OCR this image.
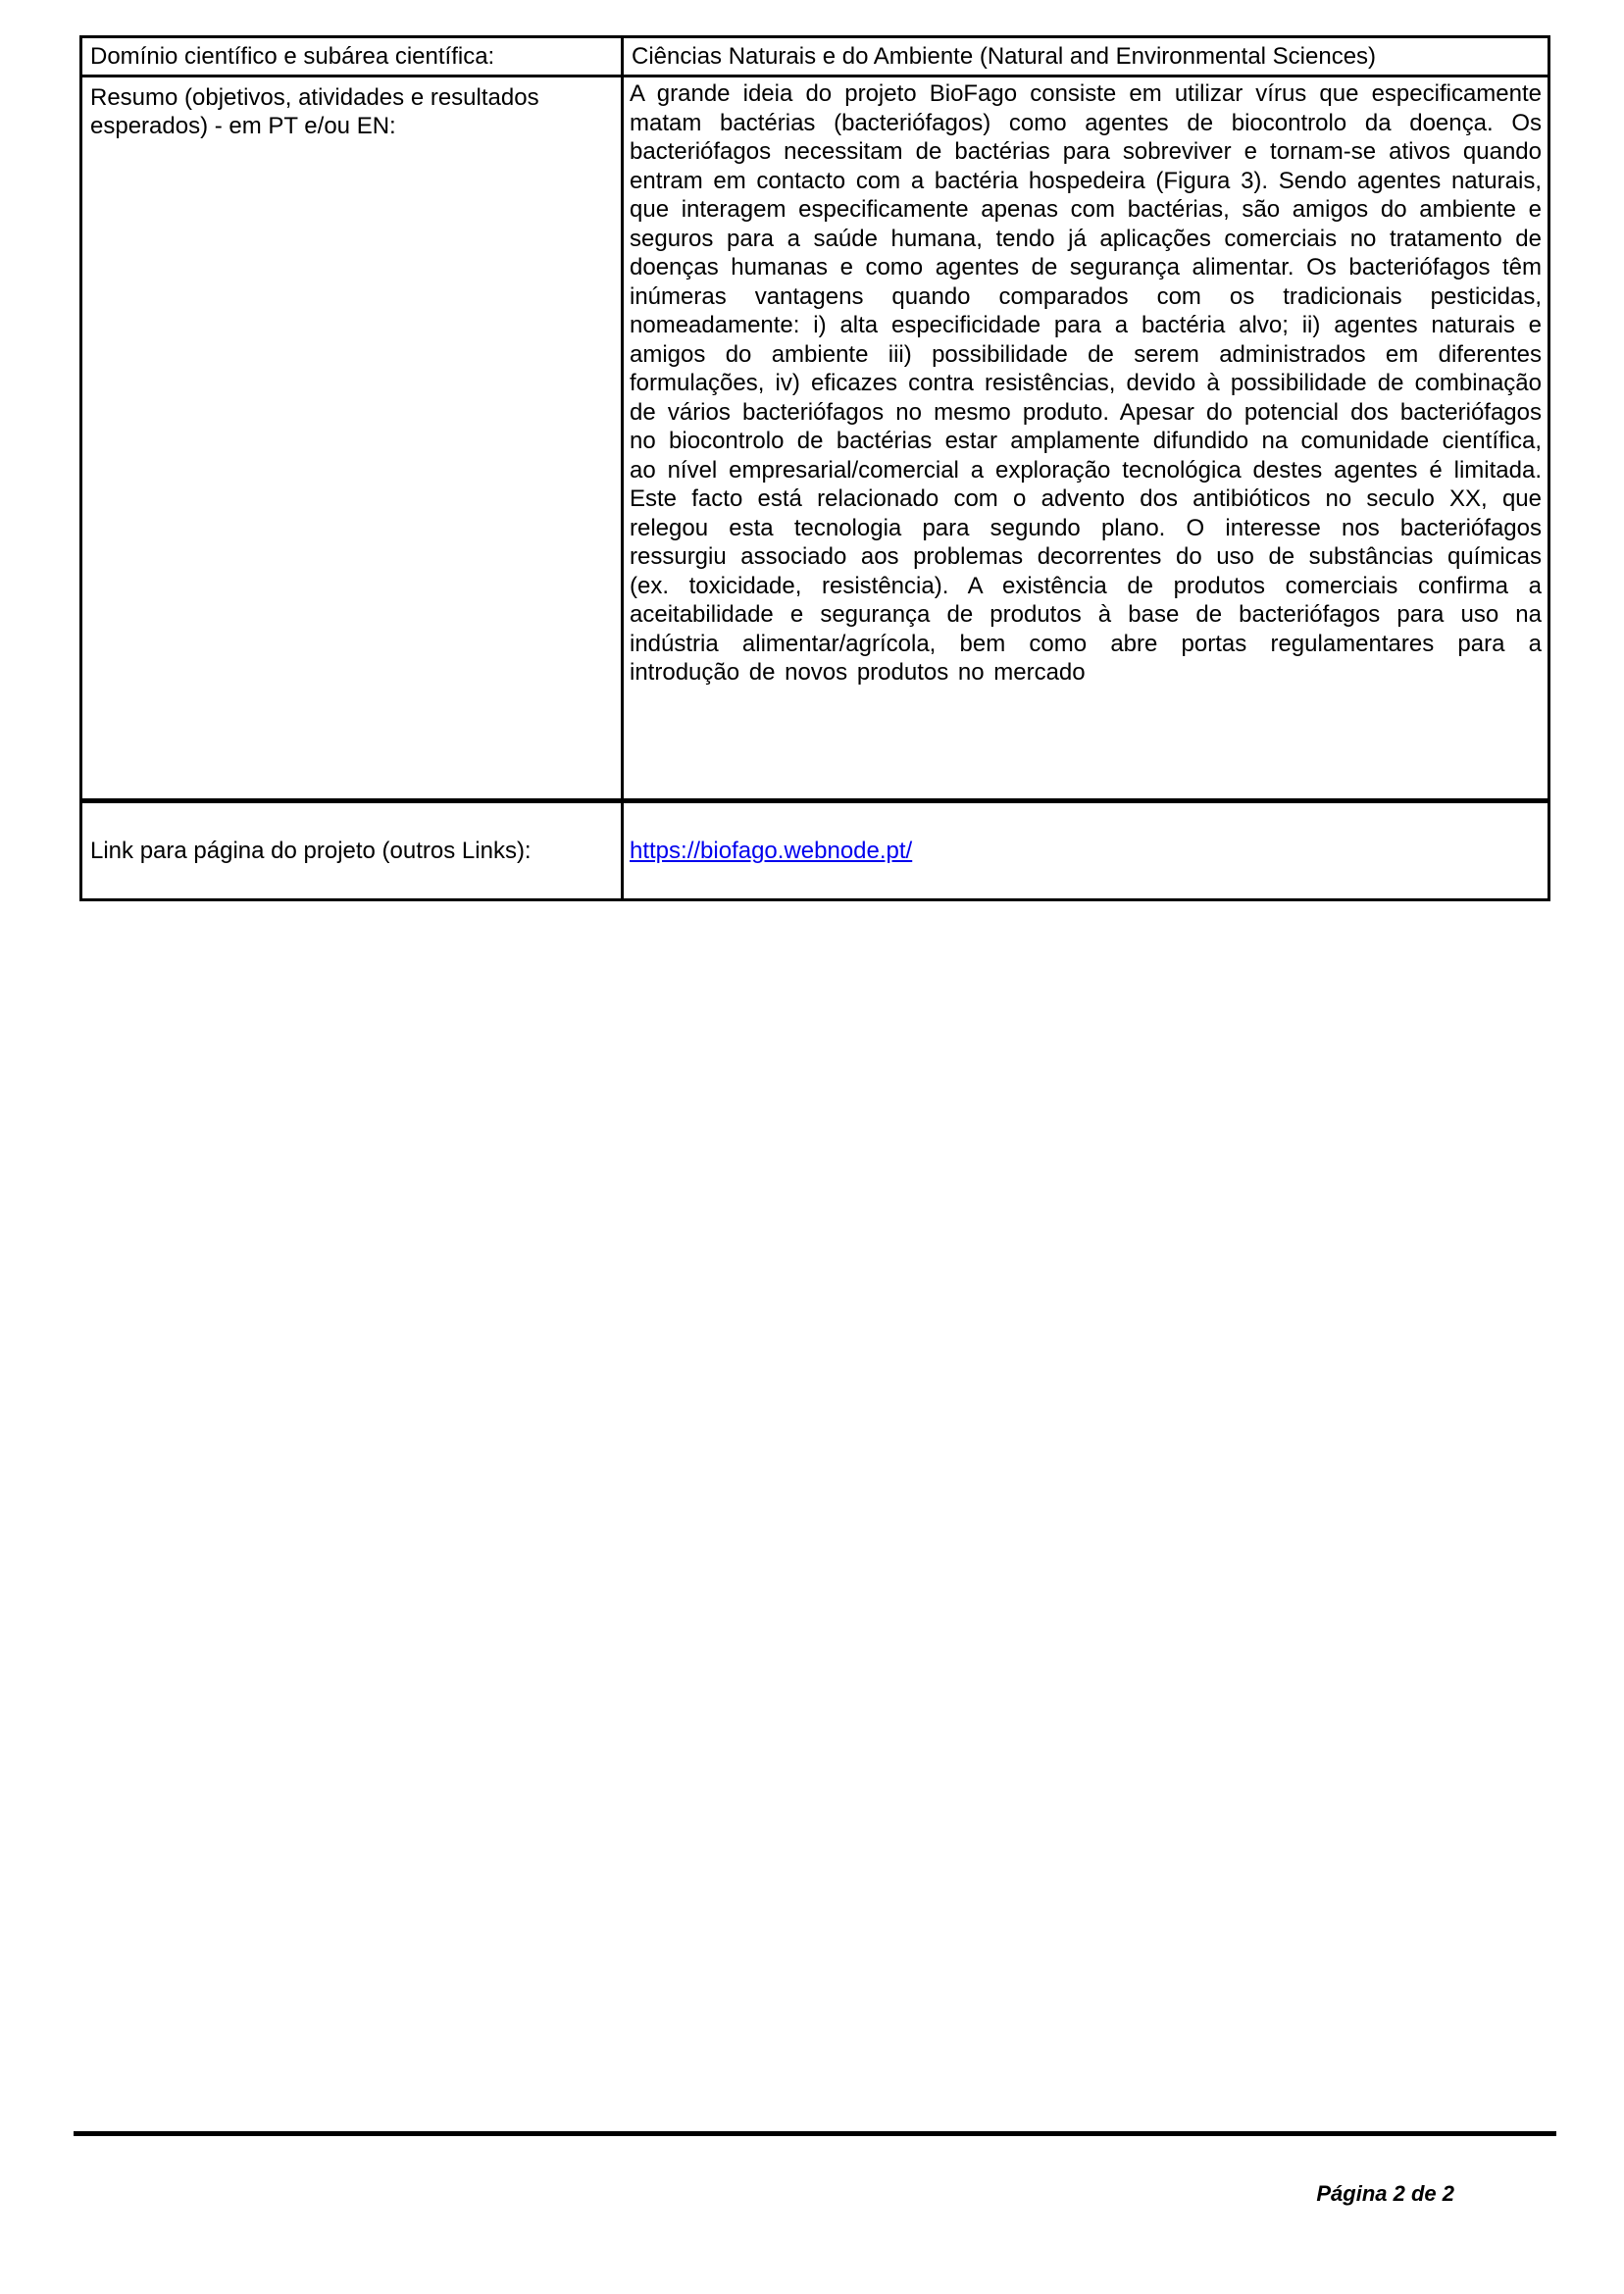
Domínio científico e subárea científica:	Ciências Naturais e do Ambiente (Natural and Environmental Sciences)
Resumo (objetivos, atividades e resultados esperados) - em PT e/ou EN:	A grande ideia do projeto BioFago consiste em utilizar vírus que especificamente matam bactérias (bacteriófagos) como agentes de biocontrolo da doença. Os bacteriófagos necessitam de bactérias para sobreviver e tornam-se ativos quando entram em contacto com a bactéria hospedeira (Figura 3). Sendo agentes naturais, que interagem especificamente apenas com bactérias, são amigos do ambiente e seguros para a saúde humana, tendo já aplicações comerciais no tratamento de doenças humanas e como agentes de segurança alimentar. Os bacteriófagos têm inúmeras vantagens quando comparados com os tradicionais pesticidas, nomeadamente: i) alta especificidade para a bactéria alvo; ii) agentes naturais e amigos do ambiente iii) possibilidade de serem administrados em diferentes formulações, iv) eficazes contra resistências, devido à possibilidade de combinação de vários bacteriófagos no mesmo produto. Apesar do potencial dos bacteriófagos no biocontrolo de bactérias estar amplamente difundido na comunidade científica, ao nível empresarial/comercial a exploração tecnológica destes agentes é limitada. Este facto está relacionado com o advento dos antibióticos no seculo XX, que relegou esta tecnologia para segundo plano. O interesse nos bacteriófagos ressurgiu associado aos problemas decorrentes do uso de substâncias químicas (ex. toxicidade, resistência). A existência de produtos comerciais confirma a aceitabilidade e segurança de produtos à base de bacteriófagos para uso na indústria alimentar/agrícola, bem como abre portas regulamentares para a introdução de novos produtos no mercado
Link para página do projeto (outros Links):	https://biofago.webnode.pt/
Página 2 de 2
